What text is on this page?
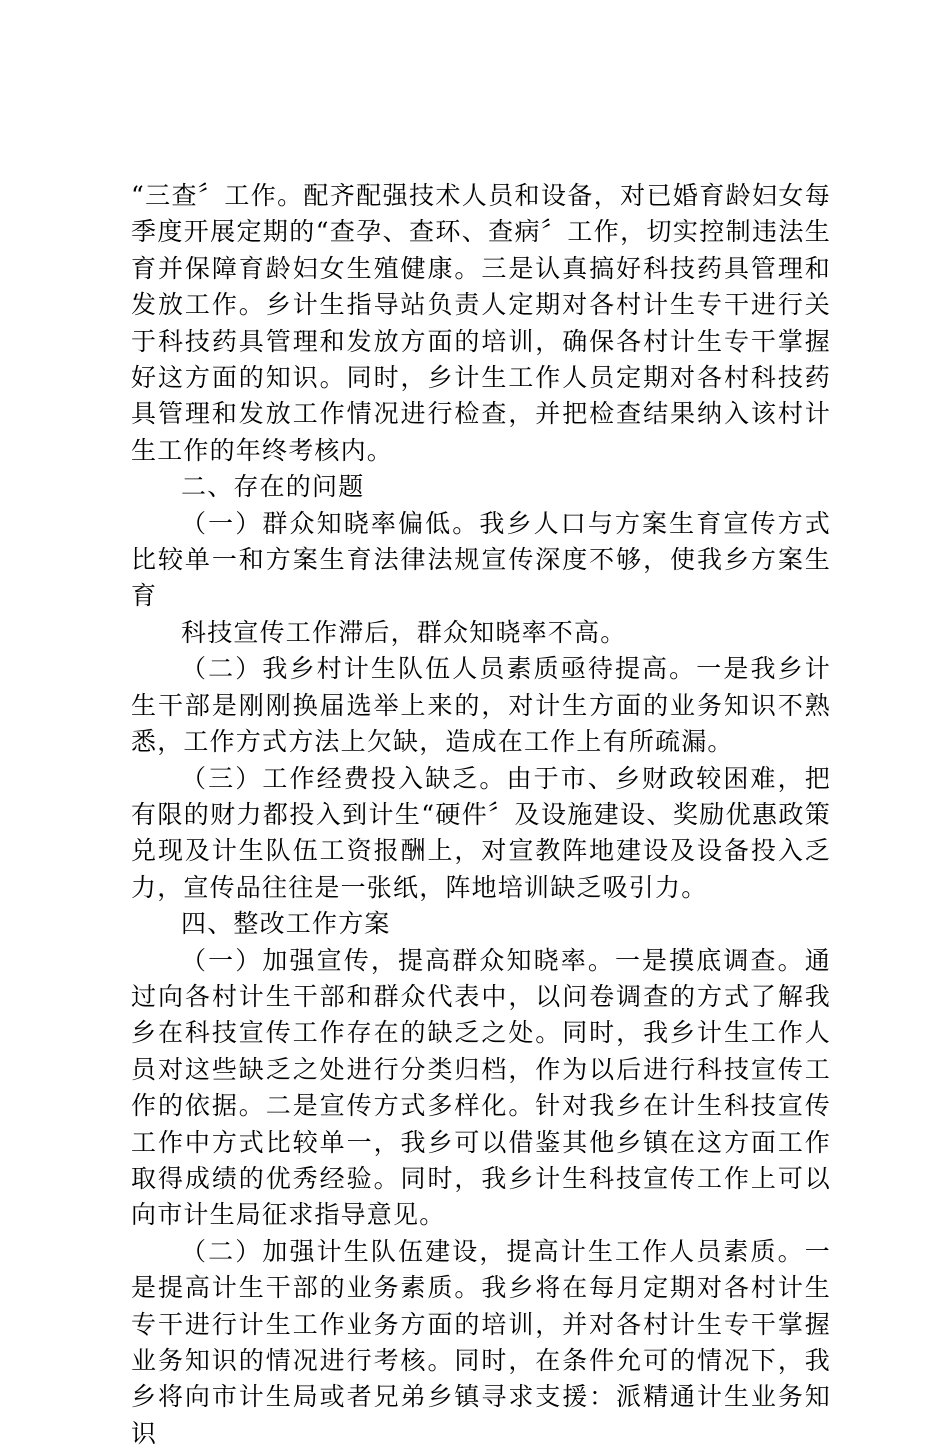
“三查〞工作。配齐配强技术人员和设备，对已婚育龄妇女每季度开展定期的“查孕、查环、查病〞工作，切实控制违法生育并保障育龄妇女生殖健康。三是认真搞好科技药具管理和发放工作。乡计生指导站负责人定期对各村计生专干进行关于科技药具管理和发放方面的培训，确保各村计生专干掌握好这方面的知识。同时，乡计生工作人员定期对各村科技药具管理和发放工作情况进行检查，并把检查结果纳入该村计生工作的年终考核内。

二、存在的问题

（一）群众知晓率偏低。我乡人口与方案生育宣传方式比较单一和方案生育法律法规宣传深度不够，使我乡方案生育

科技宣传工作滞后，群众知晓率不高。

（二）我乡村计生队伍人员素质亟待提高。一是我乡计生干部是刚刚换届选举上来的，对计生方面的业务知识不熟悉，工作方式方法上欠缺，造成在工作上有所疏漏。

（三）工作经费投入缺乏。由于市、乡财政较困难，把有限的财力都投入到计生“硬件〞及设施建设、奖励优惠政策兑现及计生队伍工资报酬上，对宣教阵地建设及设备投入乏力，宣传品往往是一张纸，阵地培训缺乏吸引力。

四、整改工作方案

（一）加强宣传，提高群众知晓率。一是摸底调查。通过向各村计生干部和群众代表中，以问卷调查的方式了解我乡在科技宣传工作存在的缺乏之处。同时，我乡计生工作人员对这些缺乏之处进行分类归档，作为以后进行科技宣传工作的依据。二是宣传方式多样化。针对我乡在计生科技宣传工作中方式比较单一，我乡可以借鉴其他乡镇在这方面工作取得成绩的优秀经验。同时，我乡计生科技宣传工作上可以向市计生局征求指导意见。

（二）加强计生队伍建设，提高计生工作人员素质。一是提高计生干部的业务素质。我乡将在每月定期对各村计生专干进行计生工作业务方面的培训，并对各村计生专干掌握业务知识的情况进行考核。同时，在条件允可的情况下，我乡将向市计生局或者兄弟乡镇寻求支援：派精通计生业务知识
